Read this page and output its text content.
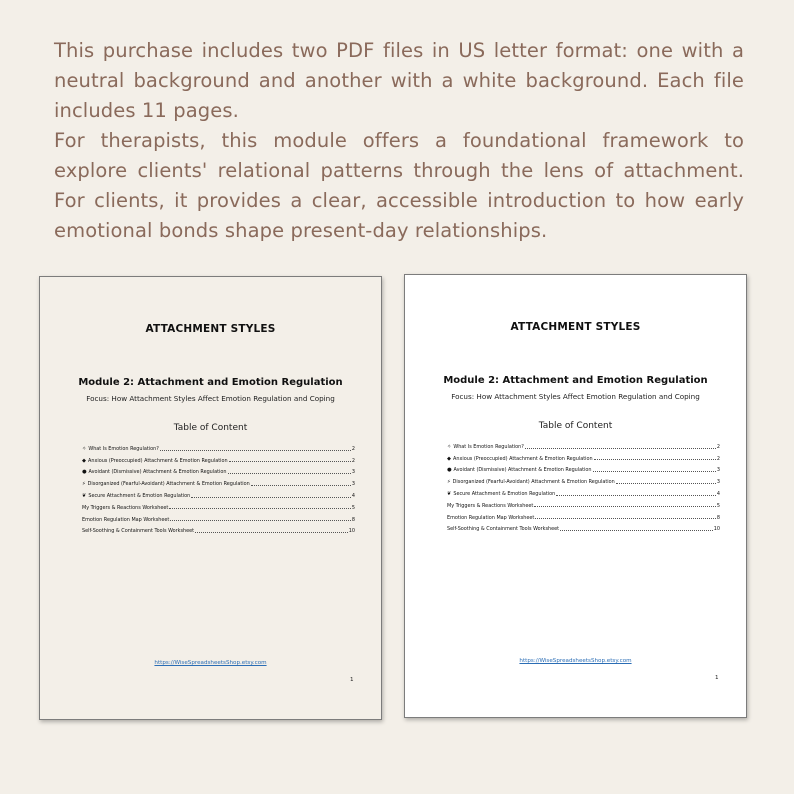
This purchase includes two PDF files in US letter format: one with a neutral background and another with a white background. Each file includes 11 pages.

For therapists, this module offers a foundational framework to explore clients' relational patterns through the lens of attachment. For clients, it provides a clear, accessible introduction to how early emotional bonds shape present-day relationships.

ATTACHMENT STYLES
Module 2: Attachment and Emotion Regulation
Focus: How Attachment Styles Affect Emotion Regulation and Coping
Table of Content
✧ What Is Emotion Regulation?	2
◆ Anxious (Preoccupied) Attachment & Emotion Regulation	2
● Avoidant (Dismissive) Attachment & Emotion Regulation	3
⚡ Disorganized (Fearful-Avoidant) Attachment & Emotion Regulation	3
❦ Secure Attachment & Emotion Regulation	4
My Triggers & Reactions Worksheet	5
Emotion Regulation Map Worksheet	8
Self-Soothing & Containment Tools Worksheet	10
https://WiseSpreadsheetsShop.etsy.com
1
ATTACHMENT STYLES
Module 2: Attachment and Emotion Regulation
Focus: How Attachment Styles Affect Emotion Regulation and Coping
Table of Content
✧ What Is Emotion Regulation?	2
◆ Anxious (Preoccupied) Attachment & Emotion Regulation	2
● Avoidant (Dismissive) Attachment & Emotion Regulation	3
⚡ Disorganized (Fearful-Avoidant) Attachment & Emotion Regulation	3
❦ Secure Attachment & Emotion Regulation	4
My Triggers & Reactions Worksheet	5
Emotion Regulation Map Worksheet	8
Self-Soothing & Containment Tools Worksheet	10
https://WiseSpreadsheetsShop.etsy.com
1
